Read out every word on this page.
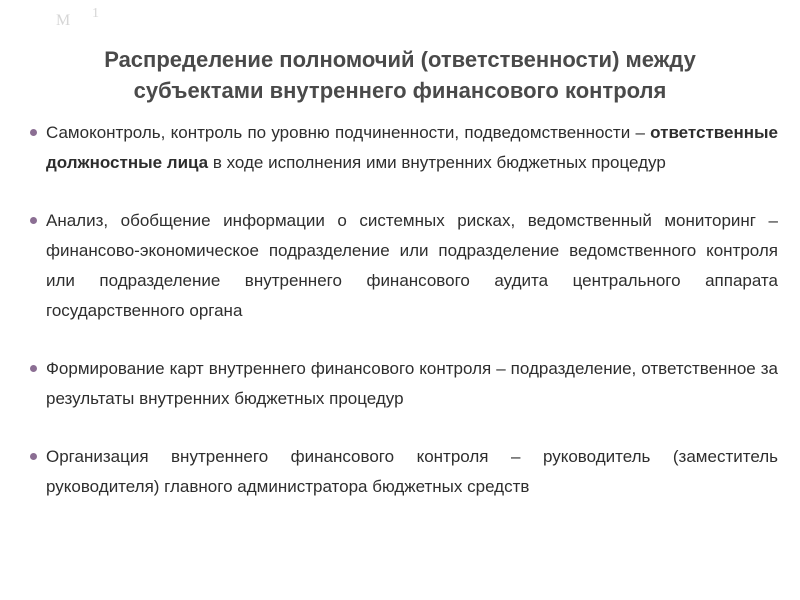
M 1
Распределение полномочий (ответственности) между
субъектами внутреннего финансового контроля
Самоконтроль, контроль по уровню подчиненности, подведомственности – ответственные должностные лица в ходе исполнения ими внутренних бюджетных процедур
Анализ, обобщение информации о системных рисках, ведомственный мониторинг – финансово-экономическое подразделение или подразделение ведомственного контроля или подразделение внутреннего финансового аудита центрального аппарата государственного органа
Формирование карт внутреннего финансового контроля – подразделение, ответственное за результаты внутренних бюджетных процедур
Организация внутреннего финансового контроля – руководитель (заместитель руководителя) главного администратора бюджетных средств
